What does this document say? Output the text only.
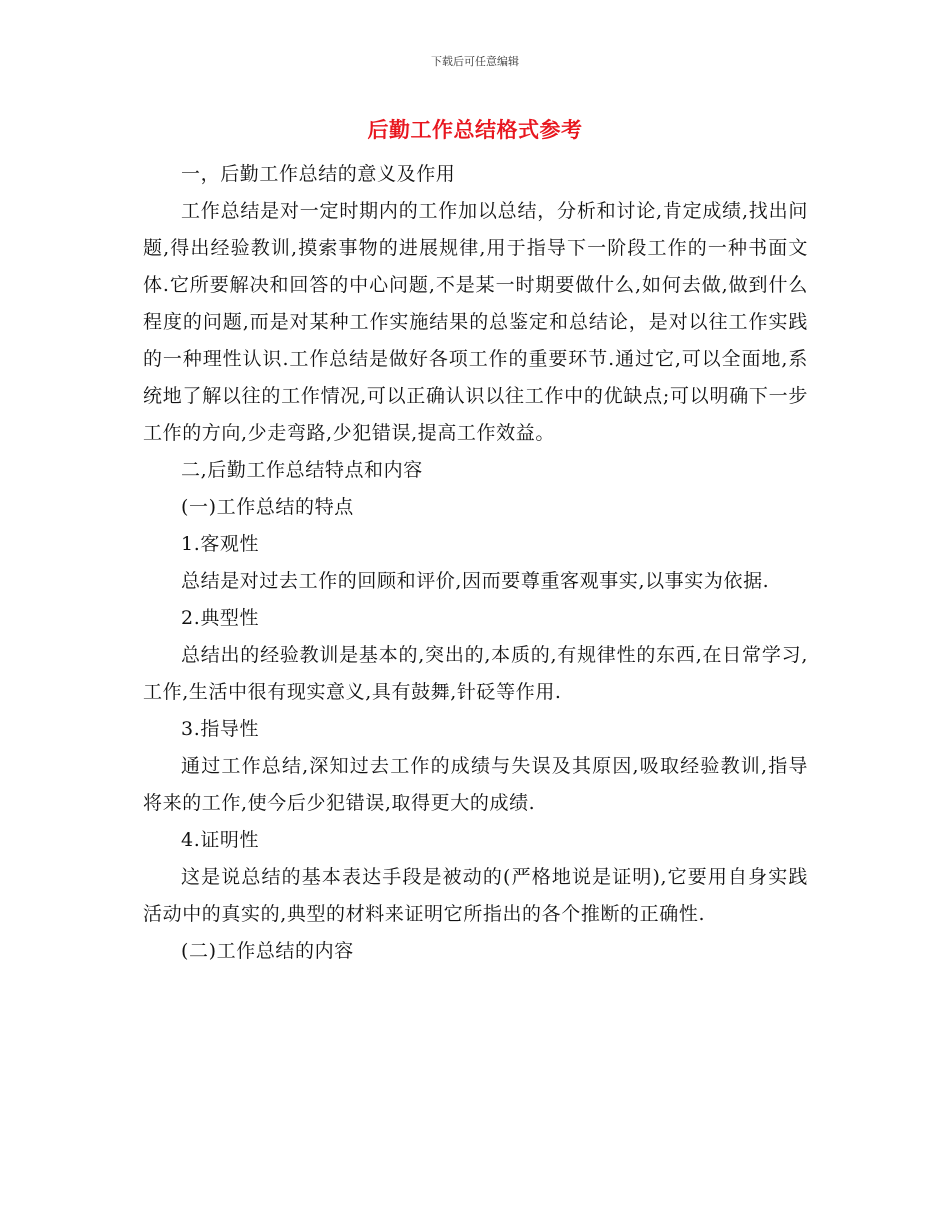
下载后可任意编辑
后勤工作总结格式参考

一，后勤工作总结的意义及作用

工作总结是对一定时期内的工作加以总结，分析和讨论,肯定成绩,找出问题,得出经验教训,摸索事物的进展规律,用于指导下一阶段工作的一种书面文体.它所要解决和回答的中心问题,不是某一时期要做什么,如何去做,做到什么程度的问题,而是对某种工作实施结果的总鉴定和总结论，是对以往工作实践的一种理性认识.工作总结是做好各项工作的重要环节.通过它,可以全面地,系统地了解以往的工作情况,可以正确认识以往工作中的优缺点;可以明确下一步工作的方向,少走弯路,少犯错误,提高工作效益。

二,后勤工作总结特点和内容

(一)工作总结的特点

1.客观性

总结是对过去工作的回顾和评价,因而要尊重客观事实,以事实为依据.

2.典型性

总结出的经验教训是基本的,突出的,本质的,有规律性的东西,在日常学习,工作,生活中很有现实意义,具有鼓舞,针砭等作用.

3.指导性

通过工作总结,深知过去工作的成绩与失误及其原因,吸取经验教训,指导将来的工作,使今后少犯错误,取得更大的成绩.

4.证明性

这是说总结的基本表达手段是被动的(严格地说是证明),它要用自身实践活动中的真实的,典型的材料来证明它所指出的各个推断的正确性.

(二)工作总结的内容
